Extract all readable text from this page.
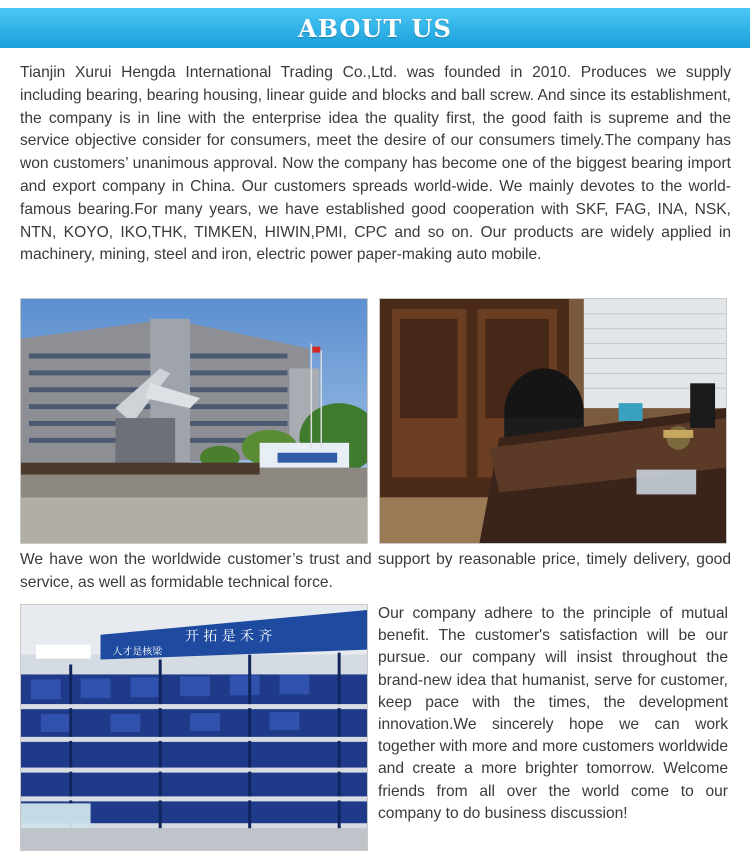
ABOUT US

Tianjin Xurui Hengda International Trading Co.,Ltd. was founded in 2010. Produces we supply including bearing, bearing housing, linear guide and blocks and ball screw. And since its establishment, the company is in line with the enterprise idea the quality first, the good faith is supreme and the service objective consider for consumers, meet the desire of our consumers timely.The company has won customers’ unanimous approval. Now the company has become one of the biggest bearing import and export company in China. Our customers spreads world-wide. We mainly devotes to the world-famous bearing.For many years, we have established good cooperation with SKF, FAG, INA, NSK, NTN, KOYO, IKO,THK, TIMKEN, HIWIN,PMI, CPC and so on. Our products are widely applied in machinery, mining, steel and iron, electric power paper-making auto mobile.

We have won the worldwide customer’s trust and support by reasonable price, timely delivery, good service, as well as formidable technical force.

开 拓 是 禾 齐
人才是核梁

Our company adhere to the principle of mutual benefit. The customer's satisfaction will be our pursue. our company will insist throughout the brand-new idea that humanist, serve for customer, keep pace with the times, the development innovation.We sincerely hope we can work together with more and more customers worldwide and create a more brighter tomorrow. Welcome friends from all over the world come to our company to do business discussion!
